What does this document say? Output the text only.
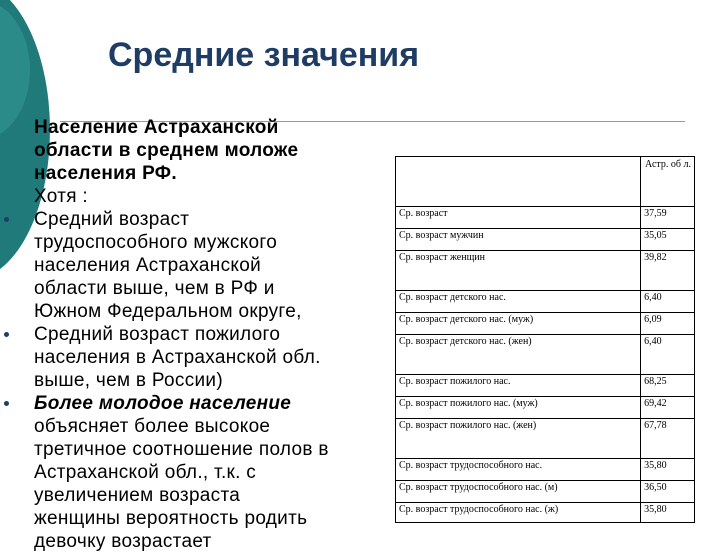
Средние значения
Население Астраханской
области в среднем моложе
населения РФ.
Хотя :
Средний возраст
трудоспособного мужского
населения Астраханской
области выше, чем в РФ и
Южном Федеральном округе,
Средний возраст пожилого
населения в Астраханской обл.
выше, чем в России)
Более молодое население
объясняет более высокое
третичное соотношение полов в
Астраханской обл., т.к. с
увеличением возраста
женщины вероятность родить
девочку возрастает
	Астр. об л.
Ср. возраст	37,59
Ср. возраст мужчин	35,05
Ср. возраст женщин	39,82
Ср. возраст детского нас.	6,40
Ср. возраст детского нас. (муж)	6,09
Ср. возраст детского нас. (жен)	6,40
Ср. возраст пожилого нас.	68,25
Ср. возраст пожилого нас. (муж)	69,42
Ср. возраст пожилого нас. (жен)	67,78
Ср. возраст трудоспособного нас.	35,80
Ср. возраст трудоспособного нас. (м)	36,50
Ср. возраст трудоспособного нас. (ж)	35,80
